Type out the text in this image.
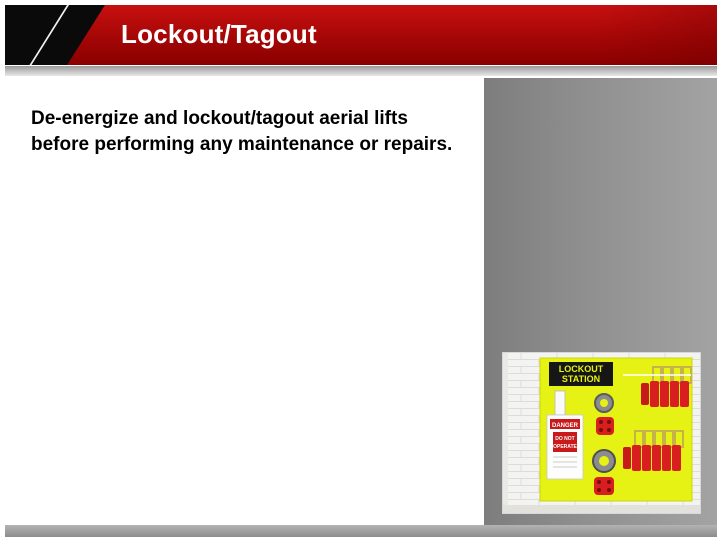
Lockout/Tagout
De-energize and lockout/tagout aerial lifts before performing any maintenance or repairs.
LOCKOUT
STATION
DANGER
DO NOT
OPERATE
